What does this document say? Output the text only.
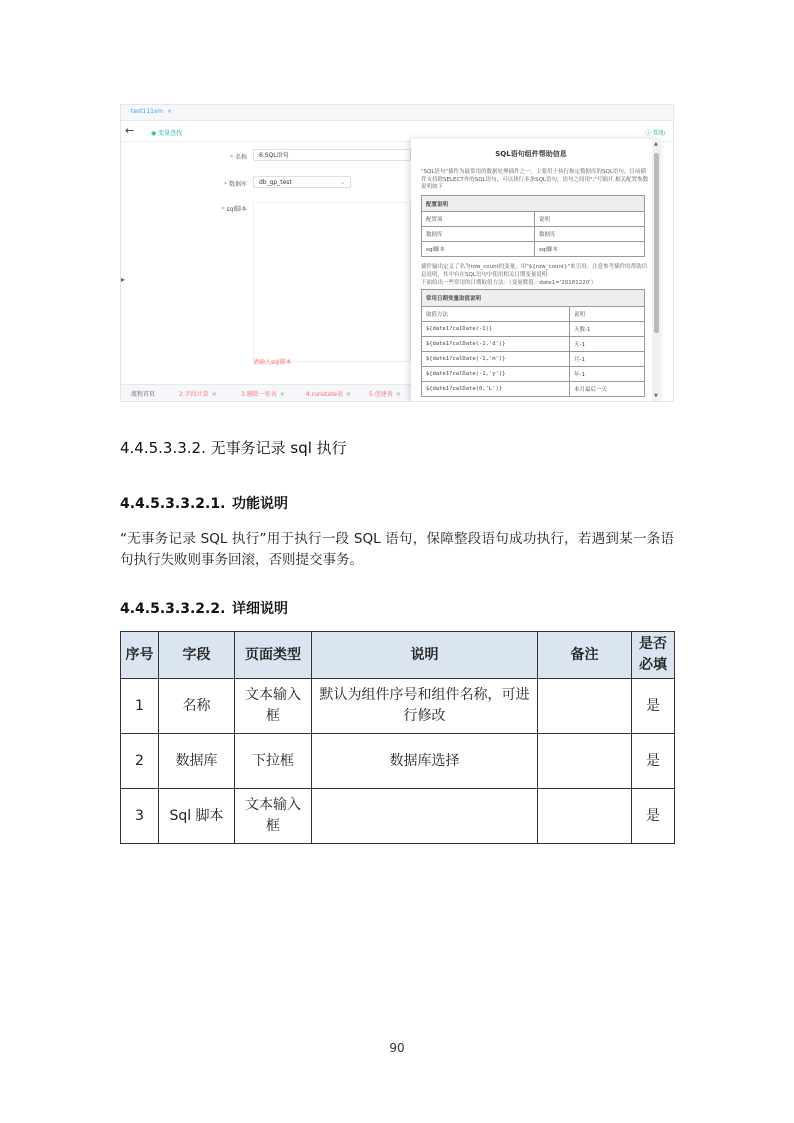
test111sm ×
←	◉ 变量查找	ⓘ 帮助
* 名称	6.SQL语句
* 数据库	db_gp_test	⌄
* sql脚本
请输入sql脚本
▸
流程首页	2.字段计算 ×	3.删除一张表 ×	4.runstate表 ×	5.创建表 ×
SQL语句组件帮助信息
"SQL语句"插件为最常用的数据处理插件之一，主要用于执行指定数据库的SQL语句，目前插件支持除SELECT外的SQL语句，可以执行多条SQL语句，语句之间用";"号隔开,相关配置参数说明如下
配置说明	
配置项	说明
数据库	数据库
sql脚本	sql脚本
插件输出定义了名为row_count的变量，用"${row_count}"来引用。注意参考插件的帮助信息说明，其中有在SQL语句中使用相关日期变量说明
下面给出一些常用的日期取值方法：（变量默值：date1='20181220'）
常用日期变量取值说明	
取值方法	说明
${date1?calDate(-1)}	天数-1
${date1?calDate(-1,'d')}	天-1
${date1?calDate(-1,'m')}	月-1
${date1?calDate(-1,'y')}	年-1
${date1?calDate(0,'L')}	本月最后一天
▲
▼
4.4.5.3.3.2. 无事务记录 sql 执行
4.4.5.3.3.2.1. 功能说明
“无事务记录 SQL 执行”用于执行一段 SQL 语句，保障整段语句成功执行，若遇到某一条语句执行失败则事务回滚，否则提交事务。
4.4.5.3.3.2.2. 详细说明
序号	字段	页面类型	说明	备注	是否必填
1	名称	文本输入框	默认为组件序号和组件名称，可进行修改		是
2	数据库	下拉框	数据库选择		是
3	Sql 脚本	文本输入框			是
90
